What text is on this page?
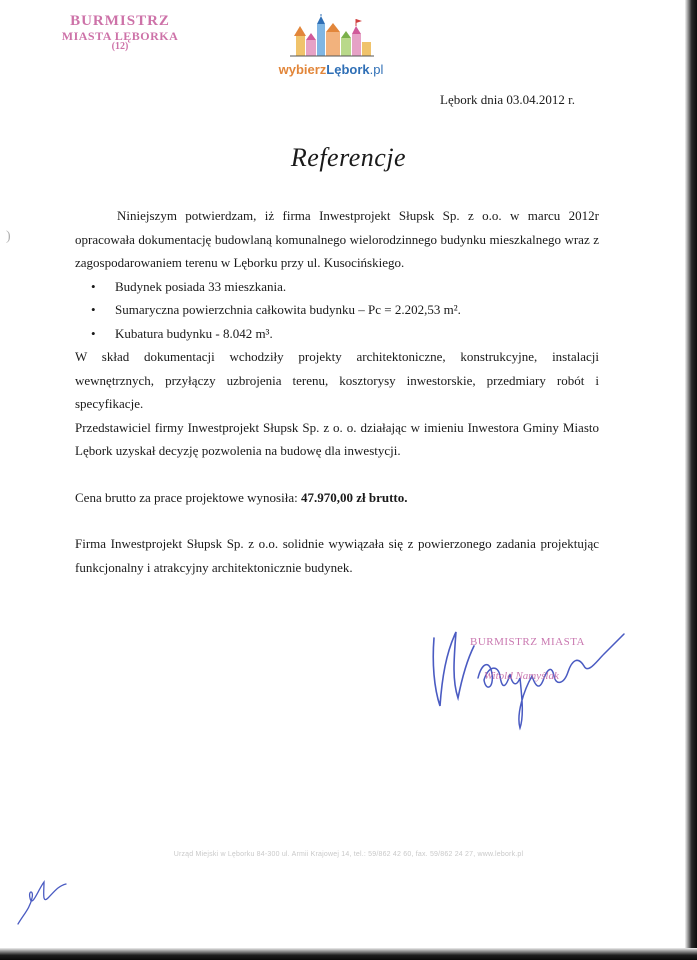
BURMISTRZ
MIASTA LĘBORKA
(12)
wybierzLębork.pl
Lębork dnia 03.04.2012 r.
Referencje

Niniejszym potwierdzam, iż firma Inwestprojekt Słupsk Sp. z o.o. w marcu 2012r opracowała dokumentację budowlaną komunalnego wielorodzinnego budynku mieszkalnego wraz z zagospodarowaniem terenu w Lęborku przy ul. Kusocińskiego.

• Budynek posiada 33 mieszkania.
• Sumaryczna powierzchnia całkowita budynku – Pc = 2.202,53 m².
• Kubatura budynku - 8.042 m³.

W skład dokumentacji wchodziły projekty architektoniczne, konstrukcyjne, instalacji wewnętrznych, przyłączy uzbrojenia terenu, kosztorysy inwestorskie, przedmiary robót i specyfikacje.

Przedstawiciel firmy Inwestprojekt Słupsk Sp. z o. o. działając w imieniu Inwestora Gminy Miasto Lębork uzyskał decyzję pozwolenia na budowę dla inwestycji.

Cena brutto za prace projektowe wynosiła: 47.970,00 zł brutto.

Firma Inwestprojekt Słupsk Sp. z o.o. solidnie wywiązała się z powierzonego zadania projektując funkcjonalny i atrakcyjny architektonicznie budynek.

BURMISTRZ MIASTA
Witold Namyślak
Urząd Miejski w Lęborku 84-300 ul. Armii Krajowej 14, tel.: 59/862 42 60, fax. 59/862 24 27, www.lebork.pl
)
